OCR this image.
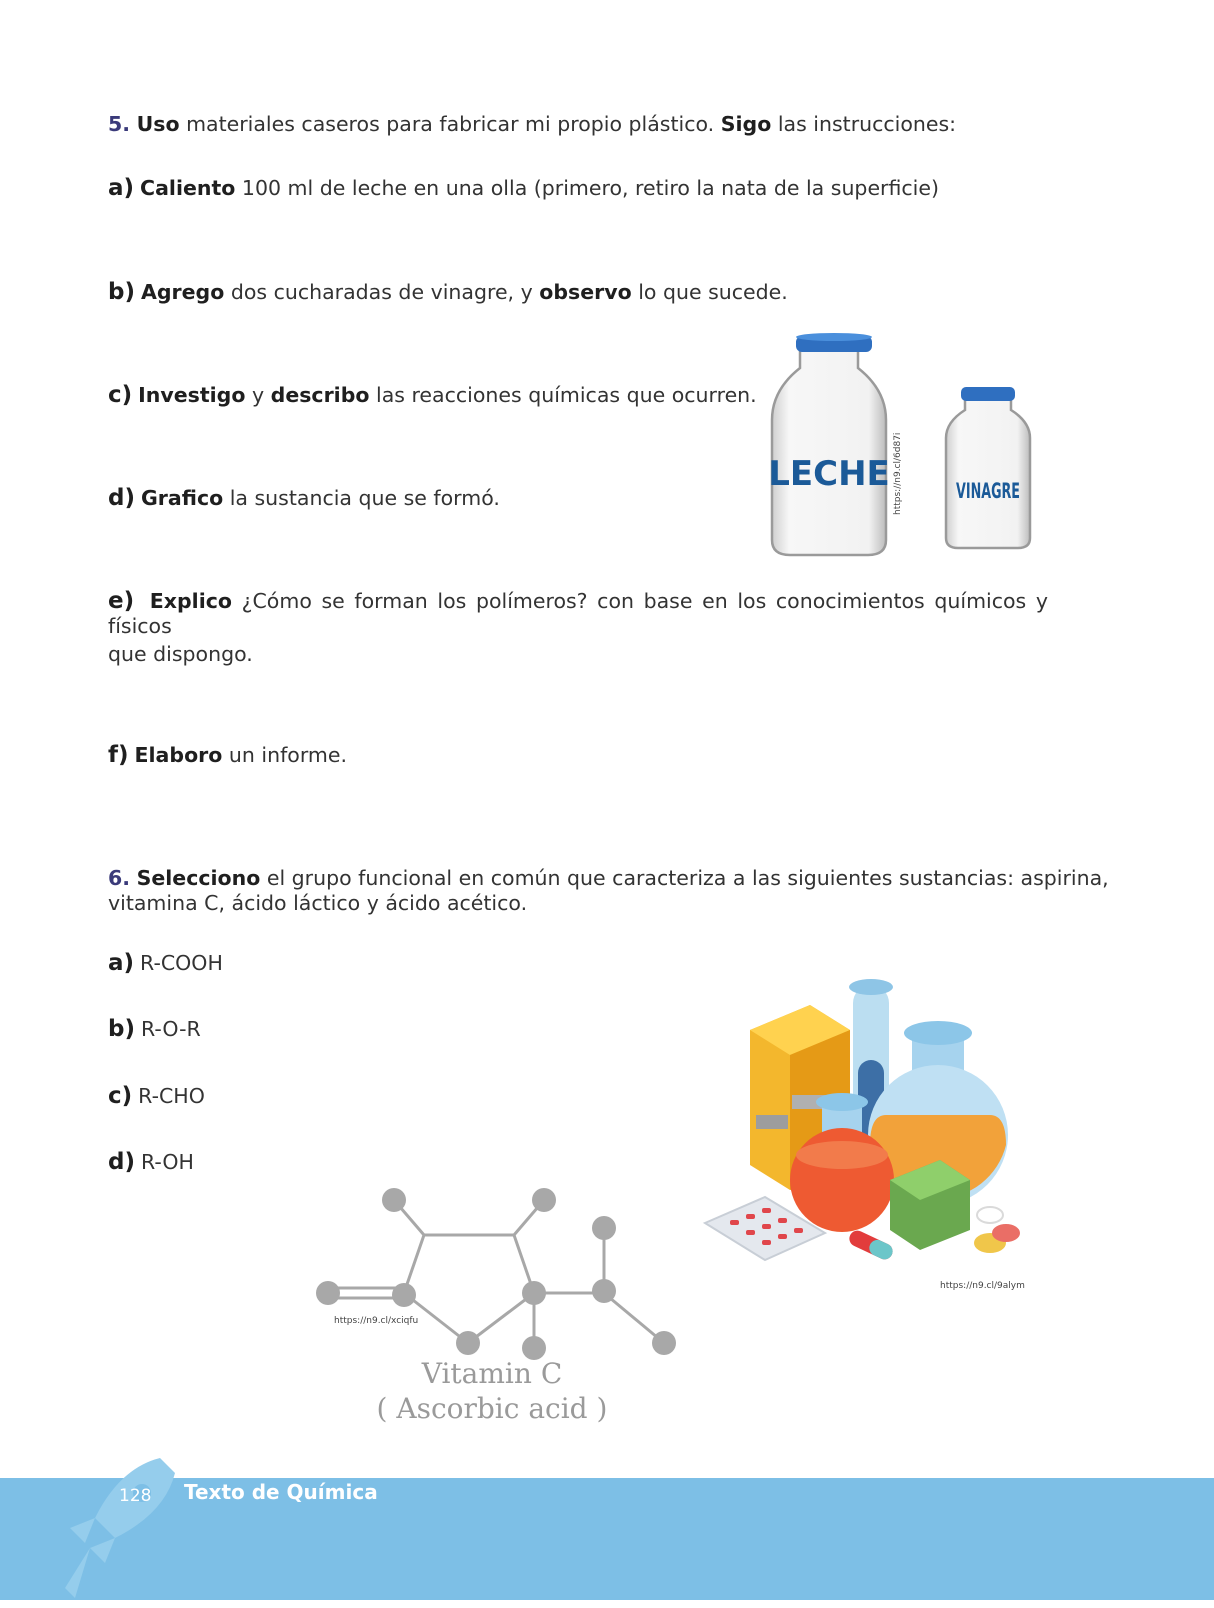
5. Uso materiales caseros para fabricar mi propio plástico. Sigo las instrucciones:
a) Caliento 100 ml de leche en una olla (primero, retiro la nata de la superficie)
b) Agrego dos cucharadas de vinagre, y observo lo que sucede.
c) Investigo y describo las reacciones químicas que ocurren.
d) Grafico la sustancia que se formó.
e) Explico ¿Cómo se forman los polímeros? con base en los conocimientos químicos y físicos
que dispongo.
f) Elaboro un informe.
LECHE https://n9.cl/6d87i	VINAGRE
6. Selecciono el grupo funcional en común que caracteriza a las siguientes sustancias: aspirina,
vitamina C, ácido láctico y ácido acético.
a) R-COOH
b) R-O-R
c) R-CHO
d) R-OH
https://n9.cl/xciqfu
Vitamin C
( Ascorbic acid )
https://n9.cl/9alym
128 Texto de Química
